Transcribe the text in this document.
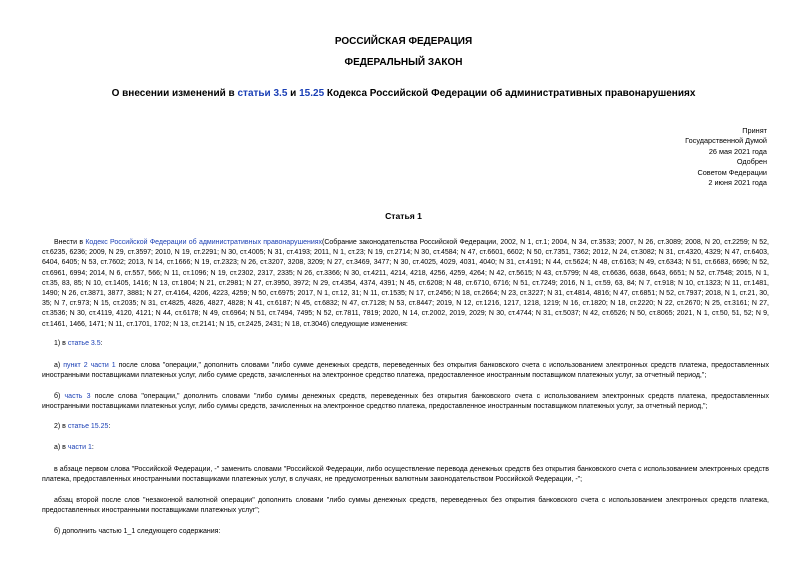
РОССИЙСКАЯ ФЕДЕРАЦИЯ
ФЕДЕРАЛЬНЫЙ ЗАКОН
О внесении изменений в статьи 3.5 и 15.25 Кодекса Российской Федерации об административных правонарушениях
Принят
Государственной Думой
26 мая 2021 года
Одобрен
Советом Федерации
2 июня 2021 года
Статья 1

Внести в Кодекс Российской Федерации об административных правонарушениях(Собрание законодательства Российской Федерации, 2002, N 1, ст.1; 2004, N 34, ст.3533; 2007, N 26, ст.3089; 2008, N 20, ст.2259; N 52, ст.6235, 6236; 2009, N 29, ст.3597; 2010, N 19, ст.2291; N 30, ст.4005; N 31, ст.4193; 2011, N 1, ст.23; N 19, ст.2714; N 30, ст.4584; N 47, ст.6601, 6602; N 50, ст.7351, 7362; 2012, N 24, ст.3082; N 31, ст.4320, 4329; N 47, ст.6403, 6404, 6405; N 53, ст.7602; 2013, N 14, ст.1666; N 19, ст.2323; N 26, ст.3207, 3208, 3209; N 27, ст.3469, 3477; N 30, ст.4025, 4029, 4031, 4040; N 31, ст.4191; N 44, ст.5624; N 48, ст.6163; N 49, ст.6343; N 51, ст.6683, 6696; N 52, ст.6961, 6994; 2014, N 6, ст.557, 566; N 11, ст.1096; N 19, ст.2302, 2317, 2335; N 26, ст.3366; N 30, ст.4211, 4214, 4218, 4256, 4259, 4264; N 42, ст.5615; N 43, ст.5799; N 48, ст.6636, 6638, 6643, 6651; N 52, ст.7548; 2015, N 1, ст.35, 83, 85; N 10, ст.1405, 1416; N 13, ст.1804; N 21, ст.2981; N 27, ст.3950, 3972; N 29, ст.4354, 4374, 4391; N 45, ст.6208; N 48, ст.6710, 6716; N 51, ст.7249; 2016, N 1, ст.59, 63, 84; N 7, ст.918; N 10, ст.1323; N 11, ст.1481, 1490; N 26, ст.3871, 3877, 3881; N 27, ст.4164, 4206, 4223, 4259; N 50, ст.6975; 2017, N 1, ст.12, 31; N 11, ст.1535; N 17, ст.2456; N 18, ст.2664; N 23, ст.3227; N 31, ст.4814, 4816; N 47, ст.6851; N 52, ст.7937; 2018, N 1, ст.21, 30, 35; N 7, ст.973; N 15, ст.2035; N 31, ст.4825, 4826, 4827, 4828; N 41, ст.6187; N 45, ст.6832; N 47, ст.7128; N 53, ст.8447; 2019, N 12, ст.1216, 1217, 1218, 1219; N 16, ст.1820; N 18, ст.2220; N 22, ст.2670; N 25, ст.3161; N 27, ст.3536; N 30, ст.4119, 4120, 4121; N 44, ст.6178; N 49, ст.6964; N 51, ст.7494, 7495; N 52, ст.7811, 7819; 2020, N 14, ст.2002, 2019, 2029; N 30, ст.4744; N 31, ст.5037; N 42, ст.6526; N 50, ст.8065; 2021, N 1, ст.50, 51, 52; N 9, ст.1461, 1466, 1471; N 11, ст.1701, 1702; N 13, ст.2141; N 15, ст.2425, 2431; N 18, ст.3046) следующие изменения:

1) в статье 3.5:

а) пункт 2 части 1 после слова "операции," дополнить словами "либо сумме денежных средств, переведенных без открытия банковского счета с использованием электронных средств платежа, предоставленных иностранными поставщиками платежных услуг, либо сумме средств, зачисленных на электронное средство платежа, предоставленное иностранным поставщиком платежных услуг, за отчетный период,";

б) часть 3 после слова "операции," дополнить словами "либо суммы денежных средств, переведенных без открытия банковского счета с использованием электронных средств платежа, предоставленных иностранными поставщиками платежных услуг, либо суммы средств, зачисленных на электронное средство платежа, предоставленное иностранным поставщиком платежных услуг, за отчетный период,";

2) в статье 15.25:

а) в части 1:

в абзаце первом слова "Российской Федерации, -" заменить словами "Российской Федерации, либо осуществление перевода денежных средств без открытия банковского счета с использованием электронных средств платежа, предоставленных иностранными поставщиками платежных услуг, в случаях, не предусмотренных валютным законодательством Российской Федерации, -";

абзац второй после слов "незаконной валютной операции" дополнить словами "либо суммы денежных средств, переведенных без открытия банковского счета с использованием электронных средств платежа, предоставленных иностранными поставщиками платежных услуг";

б) дополнить частью 1_1 следующего содержания:
